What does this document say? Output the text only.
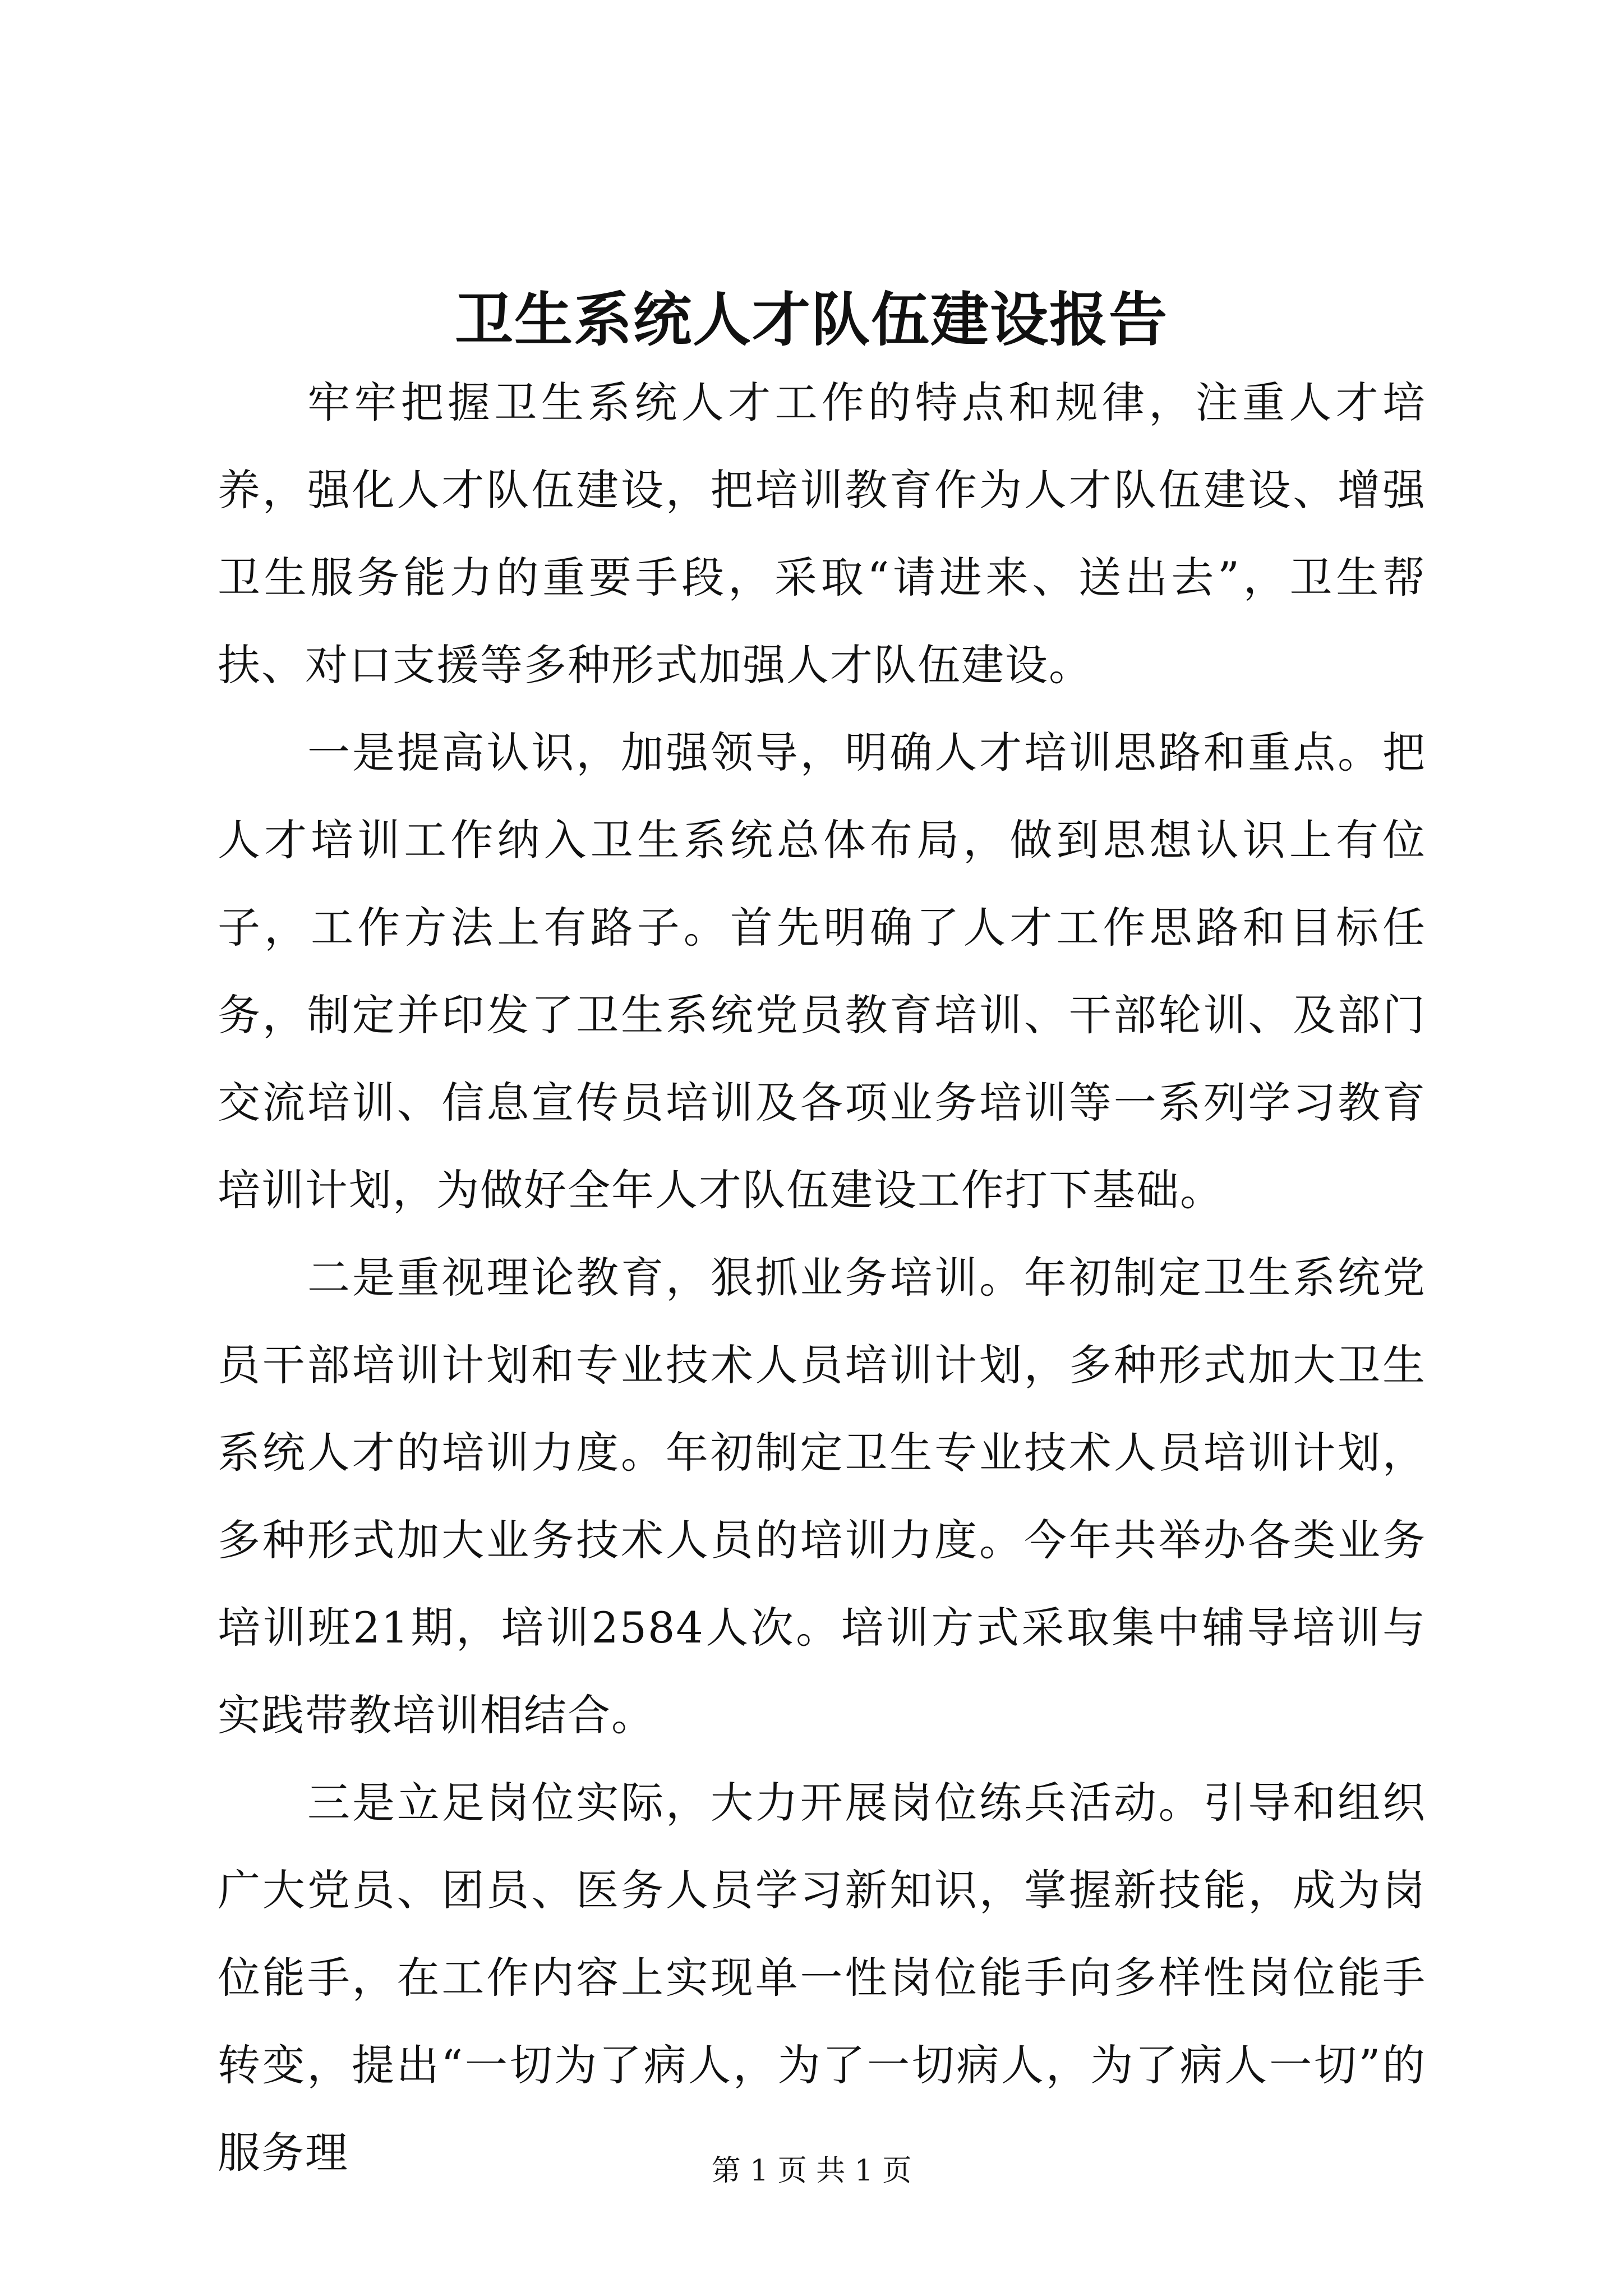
卫生系统人才队伍建设报告

牢牢把握卫生系统人才工作的特点和规律，注重人才培养，强化人才队伍建设，把培训教育作为人才队伍建设、增强卫生服务能力的重要手段，采取“请进来、送出去”，卫生帮扶、对口支援等多种形式加强人才队伍建设。

一是提高认识，加强领导，明确人才培训思路和重点。把人才培训工作纳入卫生系统总体布局，做到思想认识上有位子，工作方法上有路子。首先明确了人才工作思路和目标任务，制定并印发了卫生系统党员教育培训、干部轮训、及部门交流培训、信息宣传员培训及各项业务培训等一系列学习教育培训计划，为做好全年人才队伍建设工作打下基础。

二是重视理论教育，狠抓业务培训。年初制定卫生系统党员干部培训计划和专业技术人员培训计划，多种形式加大卫生系统人才的培训力度。年初制定卫生专业技术人员培训计划，多种形式加大业务技术人员的培训力度。今年共举办各类业务培训班21期，培训2584人次。培训方式采取集中辅导培训与实践带教培训相结合。

三是立足岗位实际，大力开展岗位练兵活动。引导和组织广大党员、团员、医务人员学习新知识，掌握新技能，成为岗位能手，在工作内容上实现单一性岗位能手向多样性岗位能手转变，提出“一切为了病人，为了一切病人，为了病人一切”的服务理	第 1 页 共 1 页
